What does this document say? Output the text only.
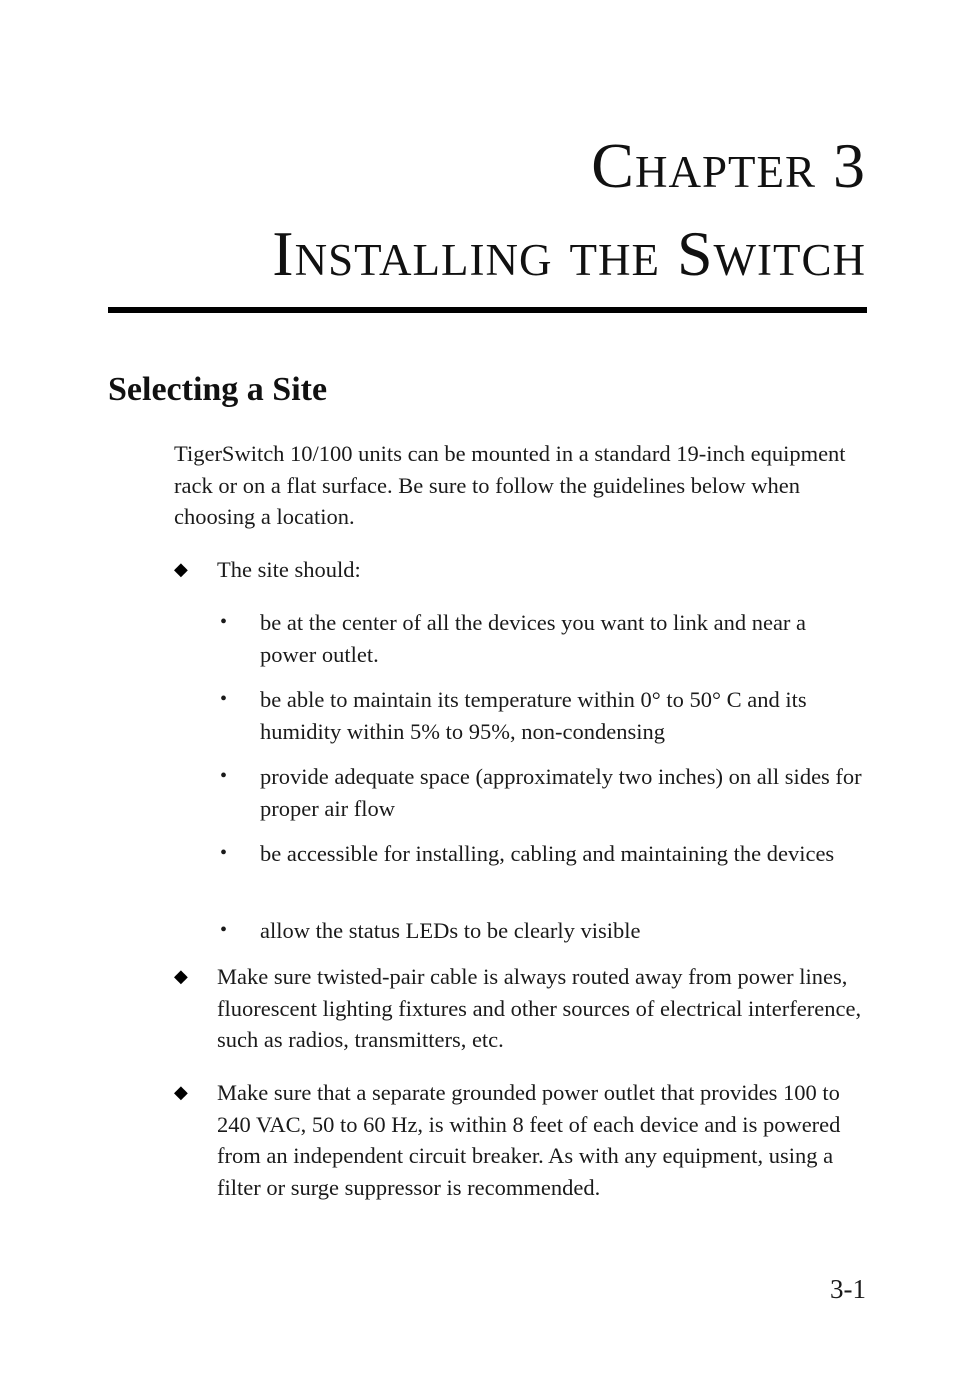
Chapter 3
Installing the Switch
Selecting a Site

TigerSwitch 10/100 units can be mounted in a standard 19-inch equipment rack or on a flat surface. Be sure to follow the guidelines below when choosing a location.

◆ The site should:
•	be at the center of all the devices you want to link and near a power outlet.
•	be able to maintain its temperature within 0° to 50° C and its humidity within 5% to 95%, non-condensing
•	provide adequate space (approximately two inches) on all sides for proper air flow
•	be accessible for installing, cabling and maintaining the devices
•	allow the status LEDs to be clearly visible
◆ Make sure twisted-pair cable is always routed away from power lines, fluorescent lighting fixtures and other sources of electrical interference, such as radios, transmitters, etc.
◆ Make sure that a separate grounded power outlet that provides 100 to 240 VAC, 50 to 60 Hz, is within 8 feet of each device and is powered from an independent circuit breaker. As with any equipment, using a filter or surge suppressor is recommended.
3-1
